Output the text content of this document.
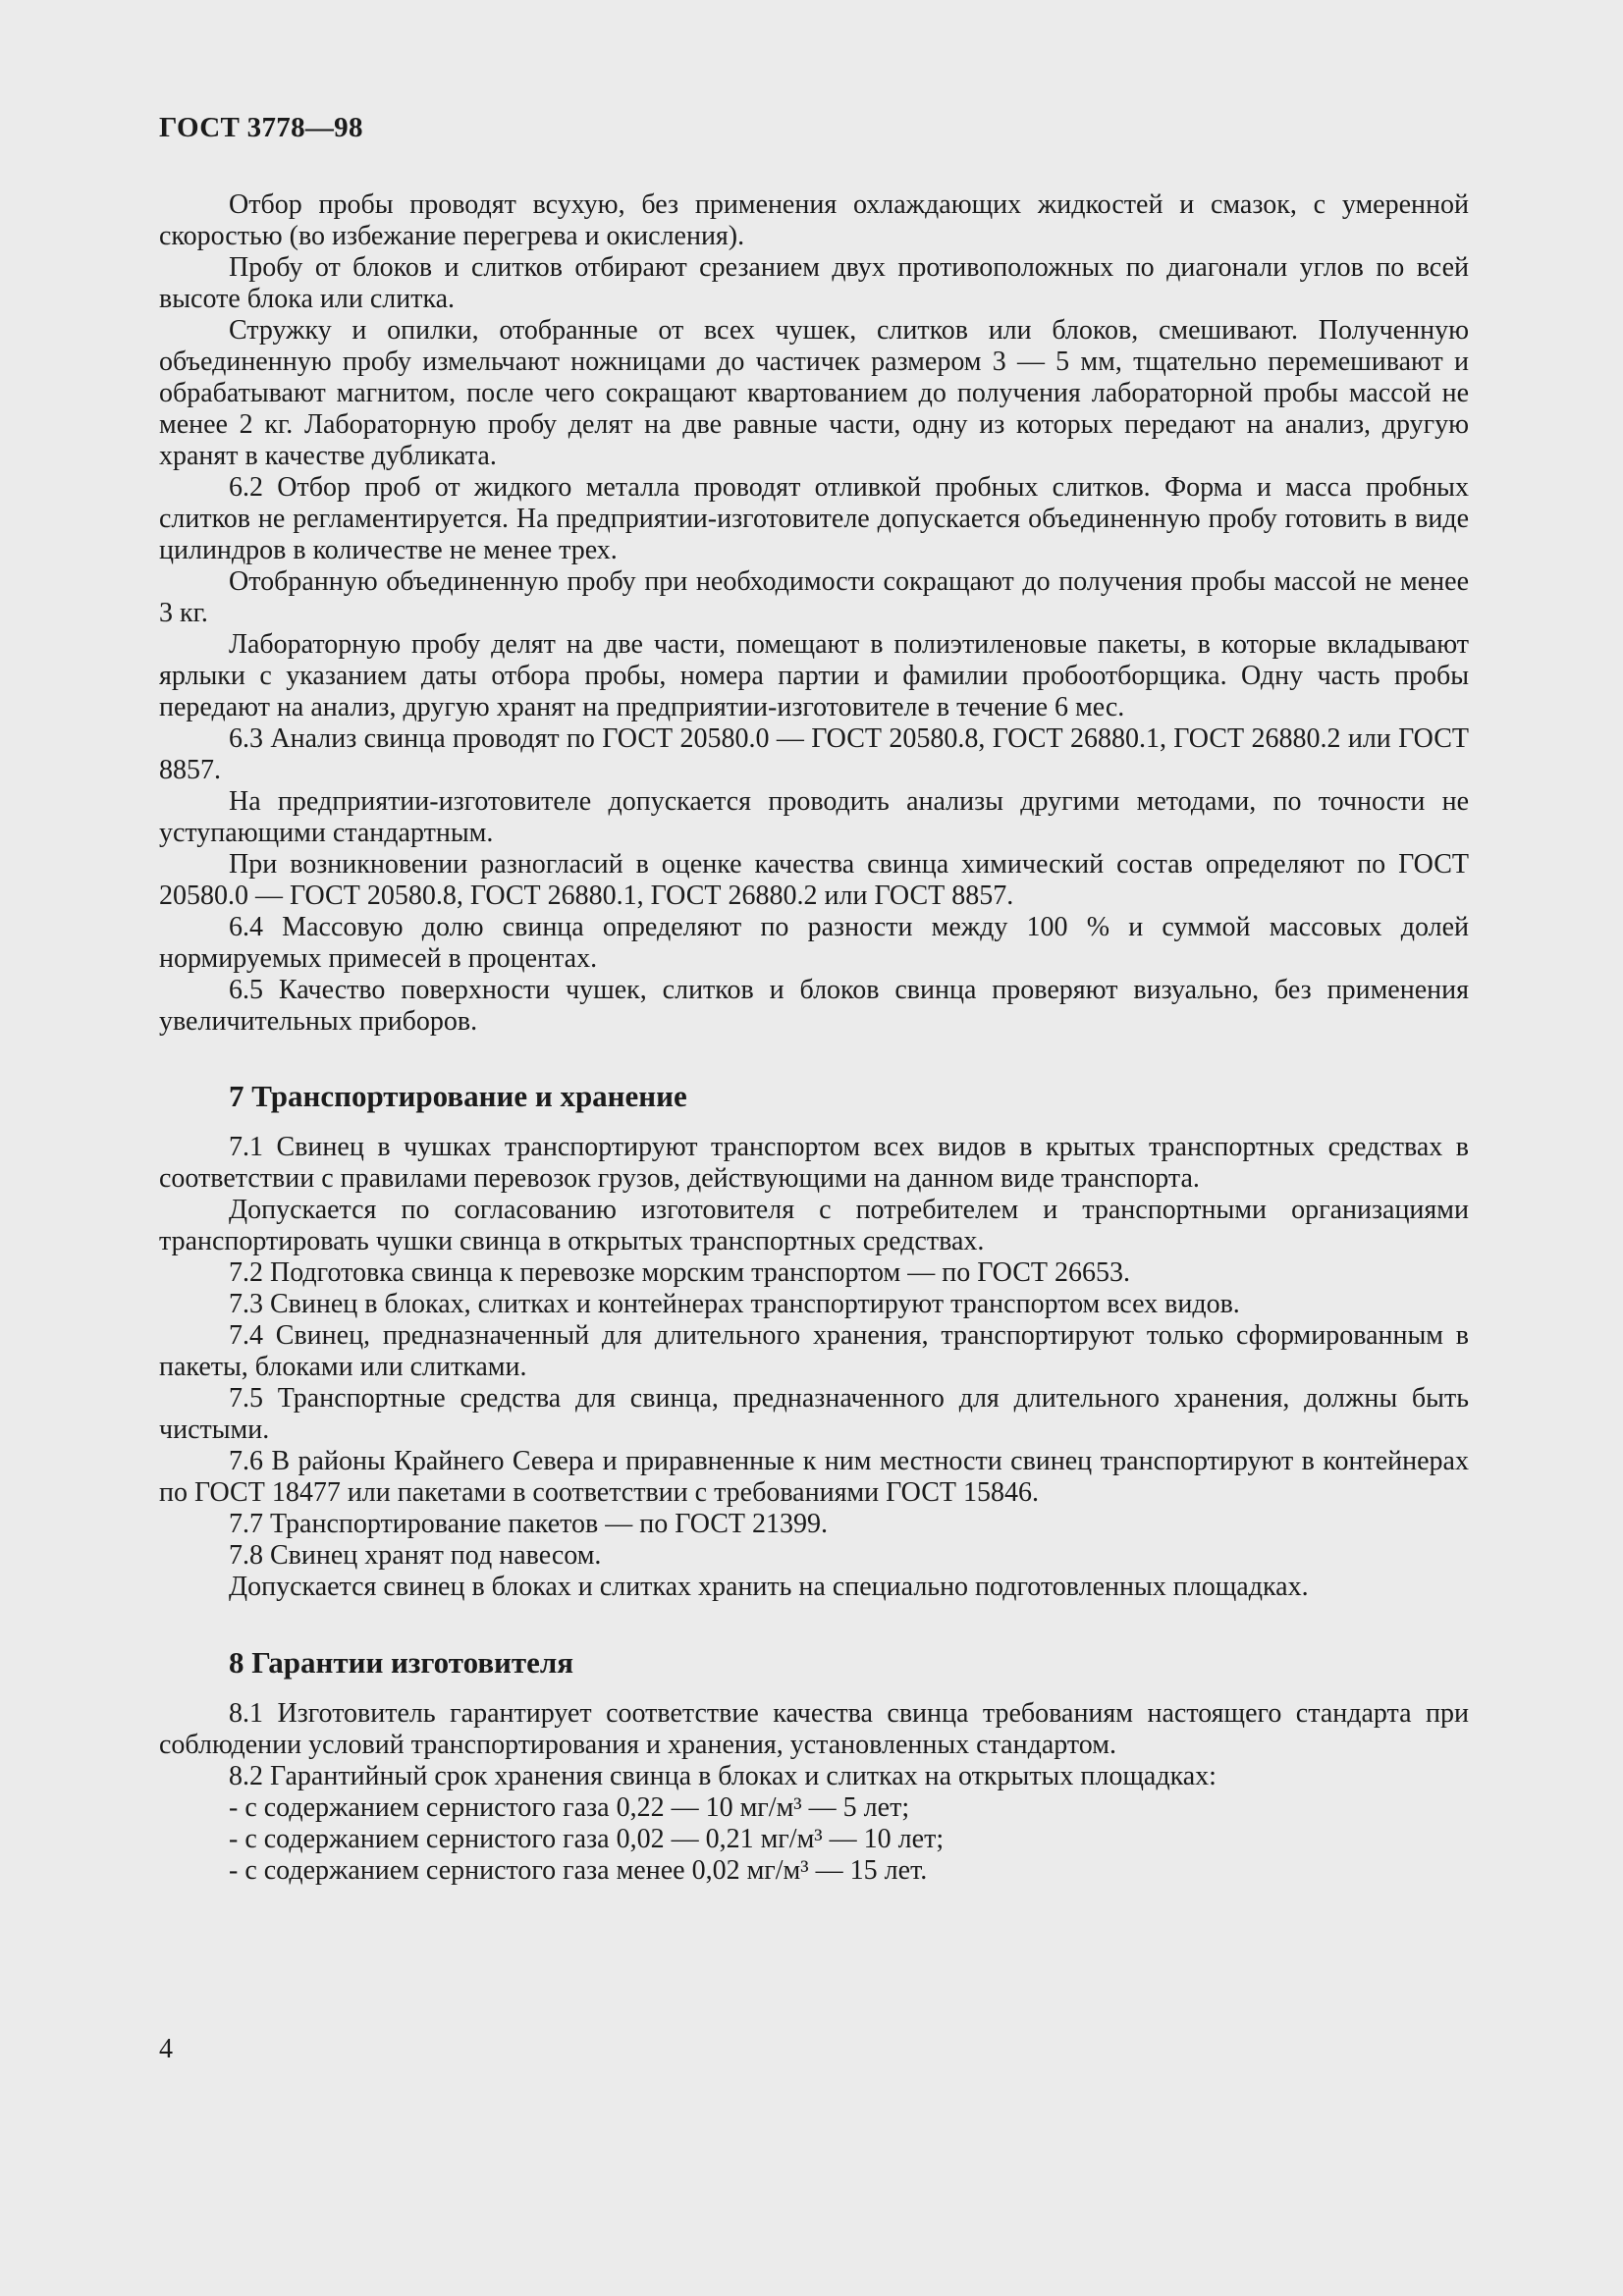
ГОСТ 3778—98

Отбор пробы проводят всухую, без применения охлаждающих жидкостей и смазок, с умеренной скоростью (во избежание перегрева и окисления).

Пробу от блоков и слитков отбирают срезанием двух противоположных по диагонали углов по всей высоте блока или слитка.

Стружку и опилки, отобранные от всех чушек, слитков или блоков, смешивают. Полученную объединенную пробу измельчают ножницами до частичек размером 3 — 5 мм, тщательно перемешивают и обрабатывают магнитом, после чего сокращают квартованием до получения лабораторной пробы массой не менее 2 кг. Лабораторную пробу делят на две равные части, одну из которых передают на анализ, другую хранят в качестве дубликата.

6.2 Отбор проб от жидкого металла проводят отливкой пробных слитков. Форма и масса пробных слитков не регламентируется. На предприятии-изготовителе допускается объединенную пробу готовить в виде цилиндров в количестве не менее трех.

Отобранную объединенную пробу при необходимости сокращают до получения пробы массой не менее 3 кг.

Лабораторную пробу делят на две части, помещают в полиэтиленовые пакеты, в которые вкладывают ярлыки с указанием даты отбора пробы, номера партии и фамилии пробоотборщика. Одну часть пробы передают на анализ, другую хранят на предприятии-изготовителе в течение 6 мес.

6.3 Анализ свинца проводят по ГОСТ 20580.0 — ГОСТ 20580.8, ГОСТ 26880.1, ГОСТ 26880.2 или ГОСТ 8857.

На предприятии-изготовителе допускается проводить анализы другими методами, по точности не уступающими стандартным.

При возникновении разногласий в оценке качества свинца химический состав определяют по ГОСТ 20580.0 — ГОСТ 20580.8, ГОСТ 26880.1, ГОСТ 26880.2 или ГОСТ 8857.

6.4 Массовую долю свинца определяют по разности между 100 % и суммой массовых долей нормируемых примесей в процентах.

6.5 Качество поверхности чушек, слитков и блоков свинца проверяют визуально, без применения увеличительных приборов.

7 Транспортирование и хранение

7.1 Свинец в чушках транспортируют транспортом всех видов в крытых транспортных средствах в соответствии с правилами перевозок грузов, действующими на данном виде транспорта.

Допускается по согласованию изготовителя с потребителем и транспортными организациями транспортировать чушки свинца в открытых транспортных средствах.

7.2 Подготовка свинца к перевозке морским транспортом — по ГОСТ 26653.

7.3 Свинец в блоках, слитках и контейнерах транспортируют транспортом всех видов.

7.4 Свинец, предназначенный для длительного хранения, транспортируют только сформированным в пакеты, блоками или слитками.

7.5 Транспортные средства для свинца, предназначенного для длительного хранения, должны быть чистыми.

7.6 В районы Крайнего Севера и приравненные к ним местности свинец транспортируют в контейнерах по ГОСТ 18477 или пакетами в соответствии с требованиями ГОСТ 15846.

7.7 Транспортирование пакетов — по ГОСТ 21399.

7.8 Свинец хранят под навесом.

Допускается свинец в блоках и слитках хранить на специально подготовленных площадках.

8 Гарантии изготовителя

8.1 Изготовитель гарантирует соответствие качества свинца требованиям настоящего стандарта при соблюдении условий транспортирования и хранения, установленных стандартом.

8.2 Гарантийный срок хранения свинца в блоках и слитках на открытых площадках:

- с содержанием сернистого газа 0,22 — 10 мг/м³ — 5 лет;

- с содержанием сернистого газа 0,02 — 0,21 мг/м³ — 10 лет;

- с содержанием сернистого газа менее 0,02 мг/м³ — 15 лет.

4
